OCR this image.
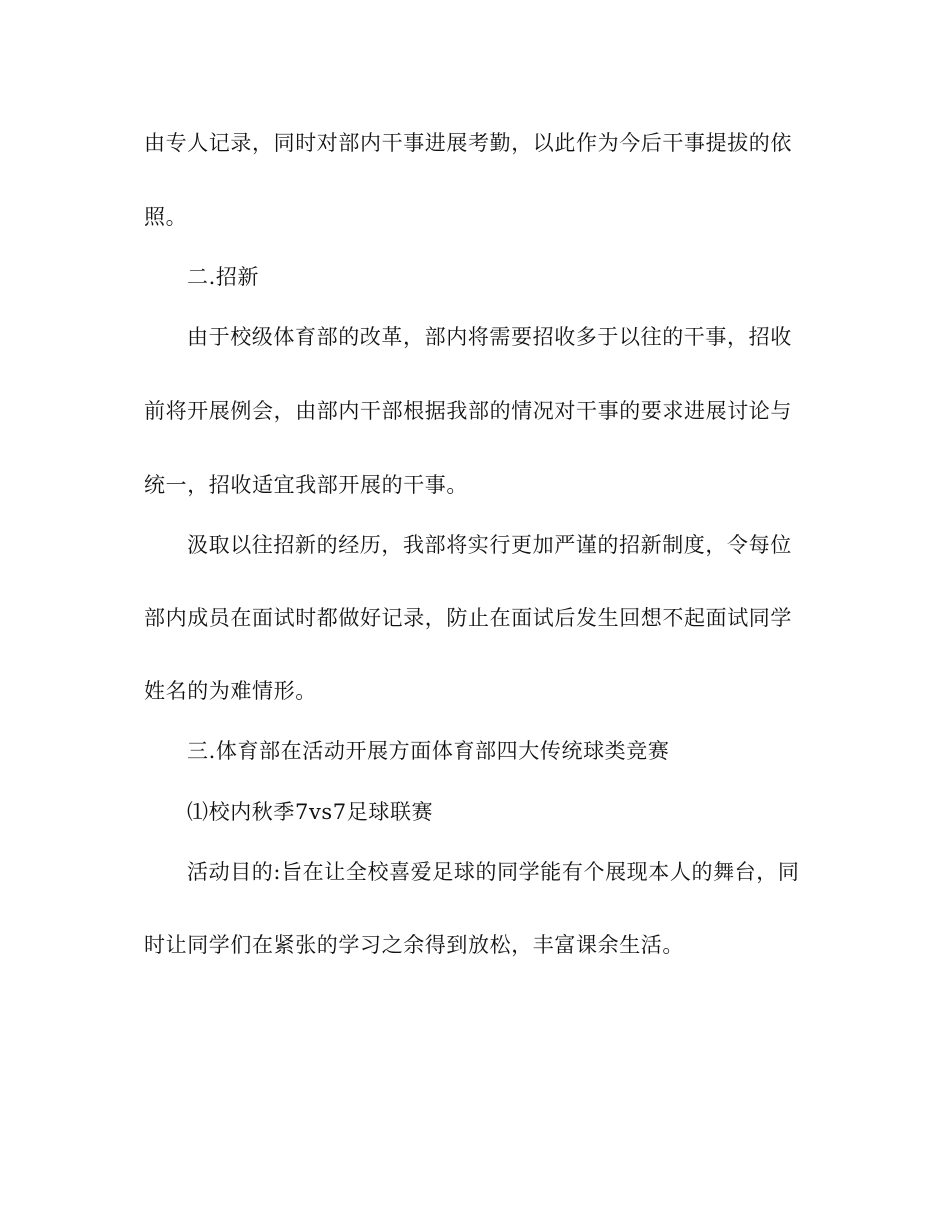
由专人记录，同时对部内干事进展考勤，以此作为今后干事提拔的依
照。
二.招新
由于校级体育部的改革，部内将需要招收多于以往的干事，招收
前将开展例会，由部内干部根据我部的情况对干事的要求进展讨论与
统一，招收适宜我部开展的干事。
汲取以往招新的经历，我部将实行更加严谨的招新制度，令每位
部内成员在面试时都做好记录，防止在面试后发生回想不起面试同学
姓名的为难情形。
三.体育部在活动开展方面体育部四大传统球类竞赛
⑴校内秋季7vs7足球联赛
活动目的:旨在让全校喜爱足球的同学能有个展现本人的舞台，同
时让同学们在紧张的学习之余得到放松，丰富课余生活。
